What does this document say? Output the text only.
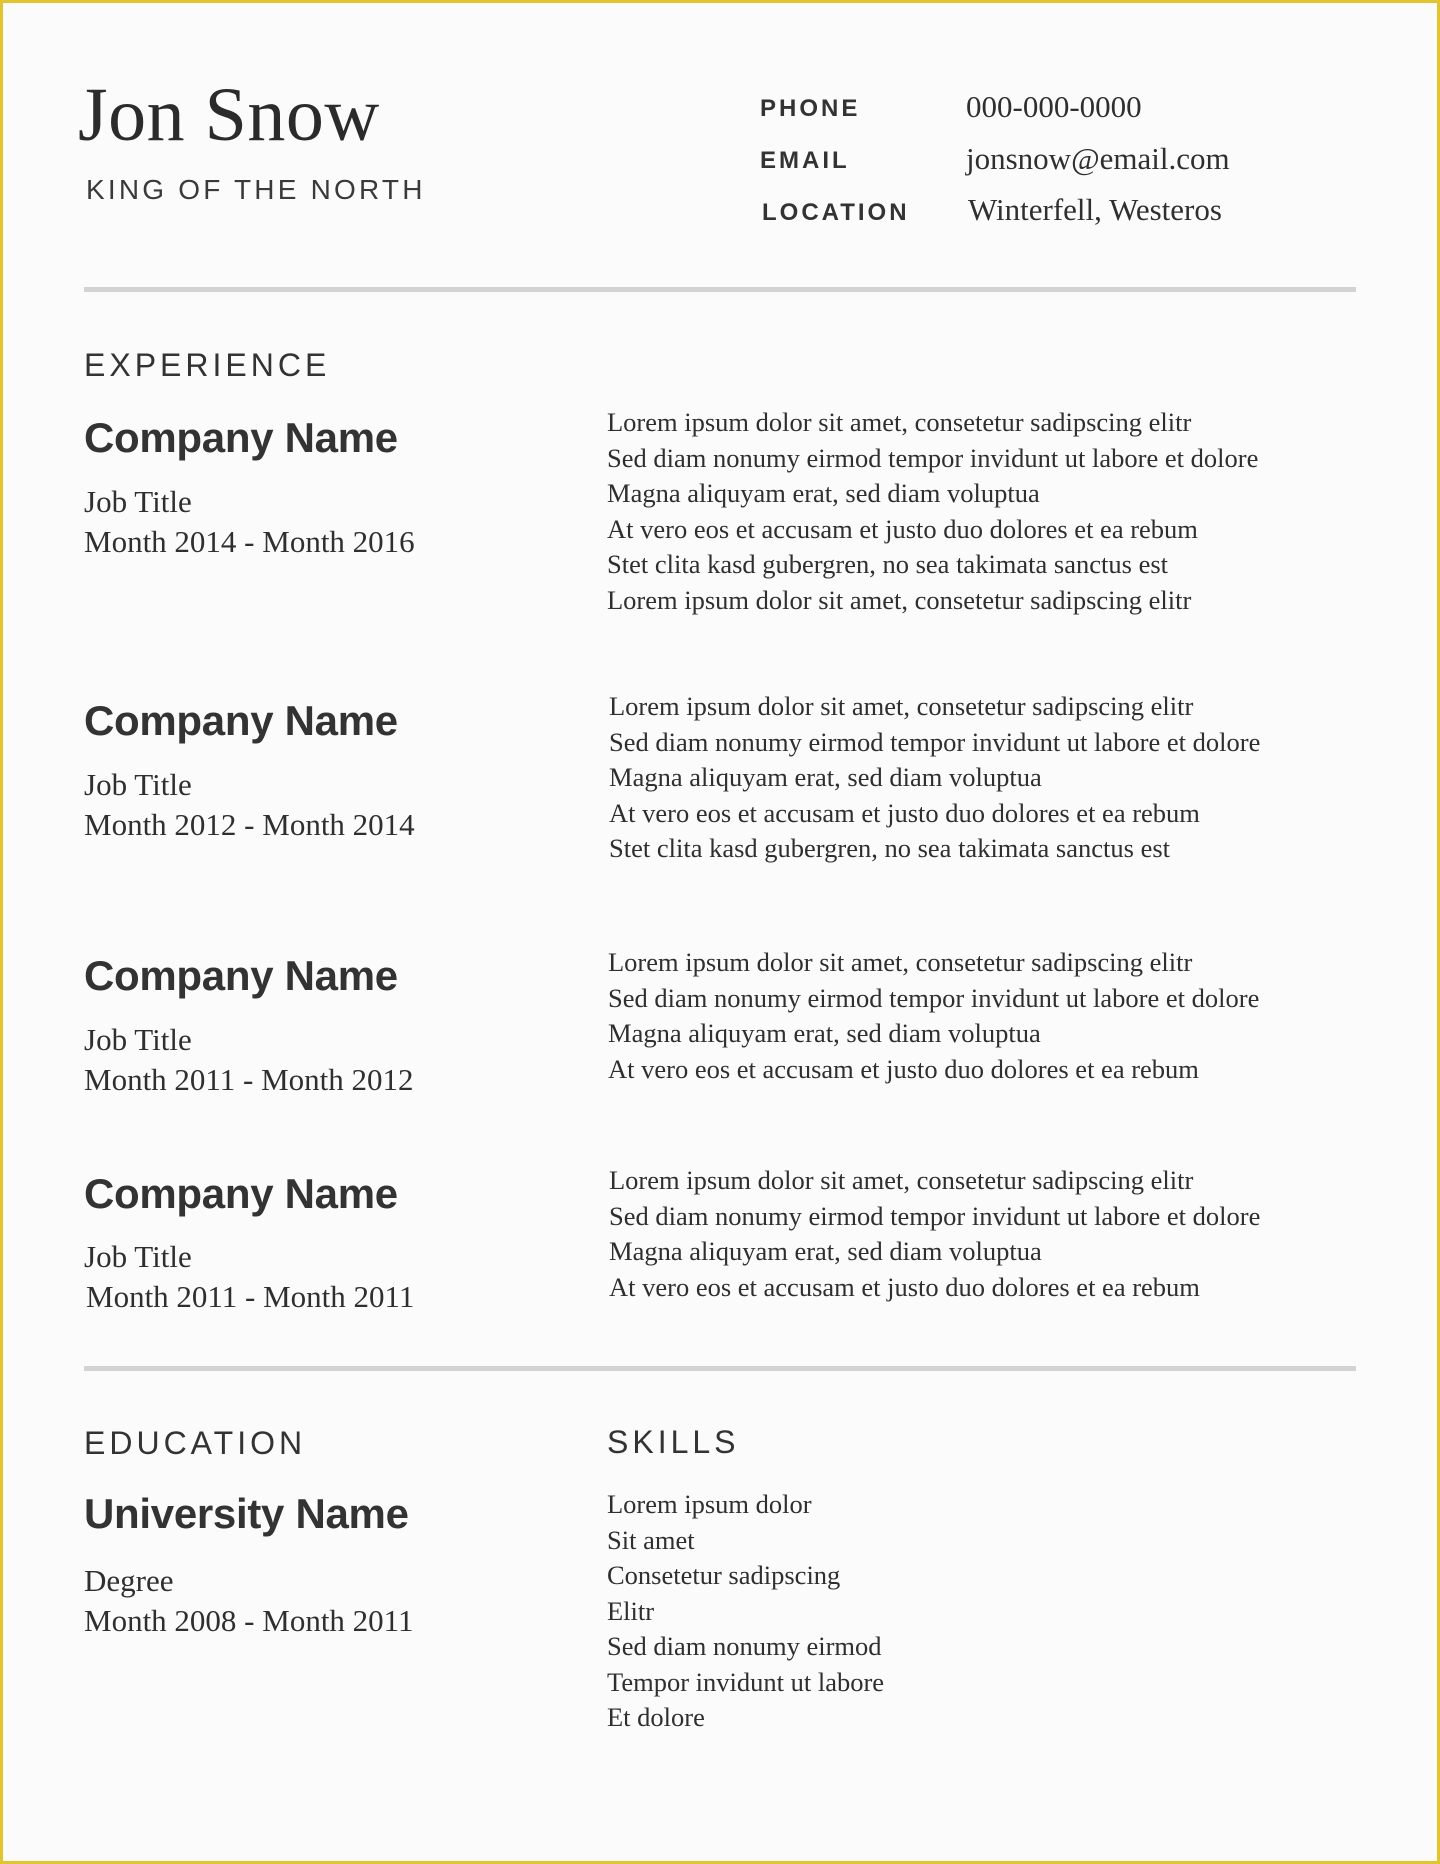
Jon Snow
KING OF THE NORTH
PHONE	000-000-0000
EMAIL	jonsnow@email.com
LOCATION Winterfell, Westeros
EXPERIENCE
Company Name
Job Title
Month 2014 - Month 2016
Lorem ipsum dolor sit amet, consetetur sadipscing elitr
Sed diam nonumy eirmod tempor invidunt ut labore et dolore
Magna aliquyam erat, sed diam voluptua
At vero eos et accusam et justo duo dolores et ea rebum
Stet clita kasd gubergren, no sea takimata sanctus est
Lorem ipsum dolor sit amet, consetetur sadipscing elitr
Company Name
Job Title
Month 2012 - Month 2014
Lorem ipsum dolor sit amet, consetetur sadipscing elitr
Sed diam nonumy eirmod tempor invidunt ut labore et dolore
Magna aliquyam erat, sed diam voluptua
At vero eos et accusam et justo duo dolores et ea rebum
Stet clita kasd gubergren, no sea takimata sanctus est
Company Name
Job Title
Month 2011 - Month 2012
Lorem ipsum dolor sit amet, consetetur sadipscing elitr
Sed diam nonumy eirmod tempor invidunt ut labore et dolore
Magna aliquyam erat, sed diam voluptua
At vero eos et accusam et justo duo dolores et ea rebum
Company Name
Job Title
Month 2011 - Month 2011
Lorem ipsum dolor sit amet, consetetur sadipscing elitr
Sed diam nonumy eirmod tempor invidunt ut labore et dolore
Magna aliquyam erat, sed diam voluptua
At vero eos et accusam et justo duo dolores et ea rebum
EDUCATION
University Name
Degree
Month 2008 - Month 2011
SKILLS
Lorem ipsum dolor
Sit amet
Consetetur sadipscing
Elitr
Sed diam nonumy eirmod
Tempor invidunt ut labore
Et dolore
